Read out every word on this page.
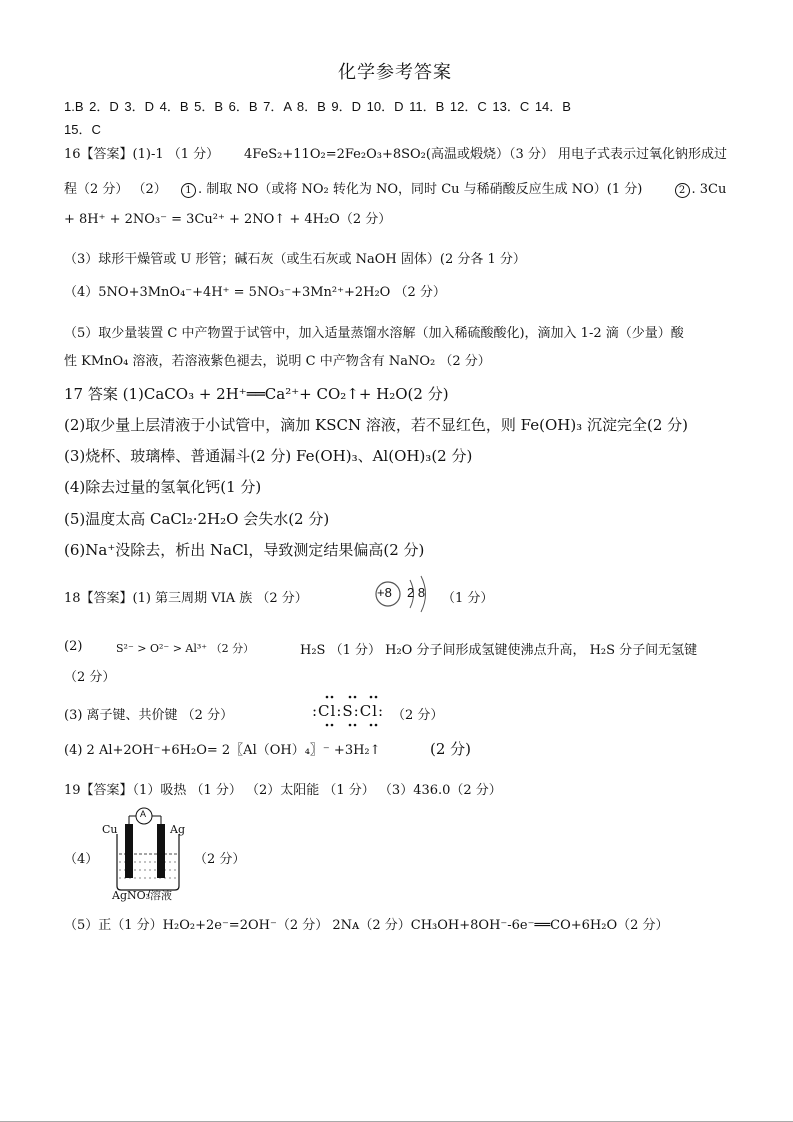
化学参考答案
1.B 2．D 3．D 4．B 5．B 6．B 7．A 8．B 9．D 10．D 11．B 12．C 13．C 14．B
15．C
16【答案】(1)-1 （1 分） 4FeS₂+11O₂=2Fe₂O₃+8SO₂(高温或煅烧）（3 分） 用电子式表示过氧化钠形成过
程（2 分） （2） 1 . 制取 NO（或将 NO₂ 转化为 NO，同时 Cu 与稀硝酸反应生成 NO）(1 分)	2 . 3Cu
+ 8H⁺ + 2NO₃⁻ = 3Cu²⁺ + 2NO↑ + 4H₂O（2 分）
（3）球形干燥管或 U 形管；碱石灰（或生石灰或 NaOH 固体）(2 分各 1 分）
（4）5NO+3MnO₄⁻+4H⁺ = 5NO₃⁻+3Mn²⁺+2H₂O （2 分）
（5）取少量装置 C 中产物置于试管中，加入适量蒸馏水溶解（加入稀硫酸酸化)，滴加入 1-2 滴（少量）酸
性 KMnO₄ 溶液，若溶液紫色褪去，说明 C 中产物含有 NaNO₂ （2 分）
17 答案 (1)CaCO₃ + 2H⁺══Ca²⁺+ CO₂↑+ H₂O(2 分)
(2)取少量上层清液于小试管中，滴加 KSCN 溶液，若不显红色，则 Fe(OH)₃ 沉淀完全(2 分)
(3)烧杯、玻璃棒、普通漏斗(2 分) Fe(OH)₃、Al(OH)₃(2 分)
(4)除去过量的氢氧化钙(1 分)
(5)温度太高 CaCl₂·2H₂O 会失水(2 分)
(6)Na⁺没除去，析出 NaCl，导致测定结果偏高(2 分)
18【答案】(1) 第三周期 VIA 族 （2 分）	+8 2 8 （1 分）
(2)	S²⁻ > O²⁻ > Al³⁺ （2 分）	H₂S （1 分） H₂O 分子间形成氢键使沸点升高， H₂S 分子间无氢键
（2 分）
(3) 离子键、共价键 （2 分）	:Cl:S:Cl: （2 分）
(4) 2 Al+2OH⁻+6H₂O= 2〖Al（OH）₄〗⁻ +3H₂↑	(2 分)
19【答案】（1）吸热 （1 分） （2）太阳能 （1 分） （3）436.0（2 分）
（4）
Cu	Ag
A
AgNO₃溶液
（2 分）
（5）正（1 分）H₂O₂+2e⁻=2OH⁻（2 分） 2Nᴀ（2 分）CH₃OH+8OH⁻-6e⁻══CO+6H₂O（2 分）
